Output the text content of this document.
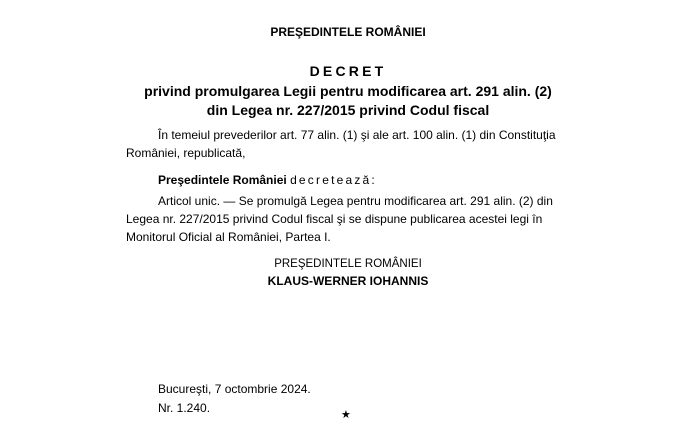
PREŞEDINTELE ROMÂNIEI

DECRET

privind promulgarea Legii pentru modificarea art. 291 alin. (2)

din Legea nr. 227/2015 privind Codul fiscal

În temeiul prevederilor art. 77 alin. (1) şi ale art. 100 alin. (1) din Constituţia

României, republicată,

Preşedintele României decretează:

Articol unic. — Se promulgă Legea pentru modificarea art. 291 alin. (2) din

Legea nr. 227/2015 privind Codul fiscal şi se dispune publicarea acestei legi în

Monitorul Oficial al României, Partea I.

PREŞEDINTELE ROMÂNIEI

KLAUS-WERNER IOHANNIS

Bucureşti, 7 octombrie 2024.

Nr. 1.240.	★
